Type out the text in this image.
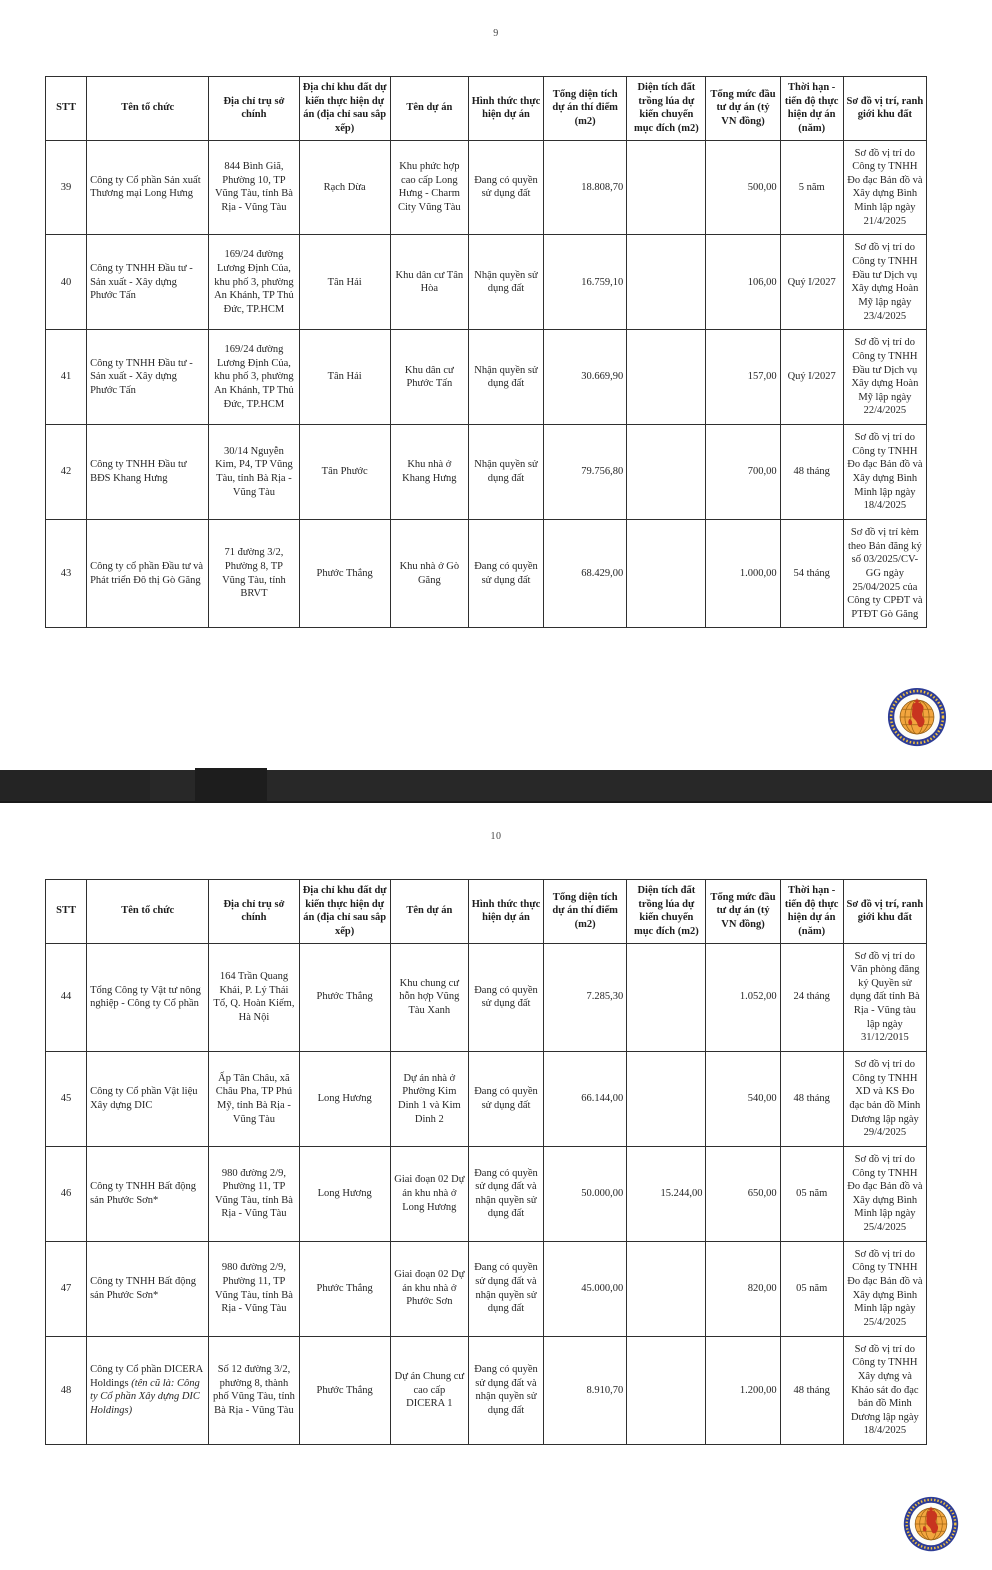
9
STT	Tên tổ chức	Địa chỉ trụ sở chính	Địa chỉ khu đất dự kiến thực hiện dự án (địa chỉ sau sắp xếp)	Tên dự án	Hình thức thực hiện dự án	Tổng diện tích dự án thí điểm (m2)	Diện tích đất trồng lúa dự kiến chuyển mục đích (m2)	Tổng mức đầu tư dự án (tỷ VN đồng)	Thời hạn - tiến độ thực hiện dự án (năm)	Sơ đồ vị trí, ranh giới khu đất
39	Công ty Cổ phần Sản xuất Thương mại Long Hưng	844 Bình Giã, Phường 10, TP Vũng Tàu, tỉnh Bà Rịa - Vũng Tàu	Rạch Dừa	Khu phức hợp cao cấp Long Hưng - Charm City Vũng Tàu	Đang có quyền sử dụng đất	18.808,70		500,00	5 năm	Sơ đồ vị trí do Công ty TNHH Đo đạc Bản đồ và Xây dựng Bình Minh lập ngày 21/4/2025
40	Công ty TNHH Đầu tư - Sản xuất - Xây dựng Phước Tấn	169/24 đường Lương Định Của, khu phố 3, phường An Khánh, TP Thủ Đức, TP.HCM	Tân Hải	Khu dân cư Tân Hòa	Nhận quyền sử dụng đất	16.759,10		106,00	Quý I/2027	Sơ đồ vị trí do Công ty TNHH Đầu tư Dịch vụ Xây dựng Hoàn Mỹ lập ngày 23/4/2025
41	Công ty TNHH Đầu tư - Sản xuất - Xây dựng Phước Tấn	169/24 đường Lương Định Của, khu phố 3, phường An Khánh, TP Thủ Đức, TP.HCM	Tân Hải	Khu dân cư Phước Tấn	Nhận quyền sử dụng đất	30.669,90		157,00	Quý I/2027	Sơ đồ vị trí do Công ty TNHH Đầu tư Dịch vụ Xây dựng Hoàn Mỹ lập ngày 22/4/2025
42	Công ty TNHH Đầu tư BĐS Khang Hưng	30/14 Nguyễn Kim, P4, TP Vũng Tàu, tỉnh Bà Rịa - Vũng Tàu	Tân Phước	Khu nhà ở Khang Hưng	Nhận quyền sử dụng đất	79.756,80		700,00	48 tháng	Sơ đồ vị trí do Công ty TNHH Đo đạc Bản đồ và Xây dựng Bình Minh lập ngày 18/4/2025
43	Công ty cổ phần Đầu tư và Phát triển Đô thị Gò Găng	71 đường 3/2, Phường 8, TP Vũng Tàu, tỉnh BRVT	Phước Thắng	Khu nhà ở Gò Găng	Đang có quyền sử dụng đất	68.429,00		1.000,00	54 tháng	Sơ đồ vị trí kèm theo Bản đăng ký số 03/2025/CV-GG ngày 25/04/2025 của Công ty CPĐT và PTĐT Gò Găng
10
STT	Tên tổ chức	Địa chỉ trụ sở chính	Địa chỉ khu đất dự kiến thực hiện dự án (địa chỉ sau sắp xếp)	Tên dự án	Hình thức thực hiện dự án	Tổng diện tích dự án thí điểm (m2)	Diện tích đất trồng lúa dự kiến chuyển mục đích (m2)	Tổng mức đầu tư dự án (tỷ VN đồng)	Thời hạn - tiến độ thực hiện dự án (năm)	Sơ đồ vị trí, ranh giới khu đất
44	Tổng Công ty Vật tư nông nghiệp - Công ty Cổ phần	164 Trần Quang Khải, P. Lý Thái Tổ, Q. Hoàn Kiếm, Hà Nội	Phước Thắng	Khu chung cư hỗn hợp Vũng Tàu Xanh	Đang có quyền sử dụng đất	7.285,30		1.052,00	24 tháng	Sơ đồ vị trí do Văn phòng đăng ký Quyền sử dụng đất tỉnh Bà Rịa - Vũng tàu lập ngày 31/12/2015
45	Công ty Cổ phần Vật liệu Xây dựng DIC	Ấp Tân Châu, xã Châu Pha, TP Phú Mỹ, tỉnh Bà Rịa - Vũng Tàu	Long Hương	Dự án nhà ở Phường Kim Dinh 1 và Kim Dinh 2	Đang có quyền sử dụng đất	66.144,00		540,00	48 tháng	Sơ đồ vị trí do Công ty TNHH XD và KS Đo đạc bản đồ Minh Dương lập ngày 29/4/2025
46	Công ty TNHH Bất động sản Phước Sơn*	980 đường 2/9, Phường 11, TP Vũng Tàu, tỉnh Bà Rịa - Vũng Tàu	Long Hương	Giai đoạn 02 Dự án khu nhà ở Long Hương	Đang có quyền sử dụng đất và nhận quyền sử dụng đất	50.000,00	15.244,00	650,00	05 năm	Sơ đồ vị trí do Công ty TNHH Đo đạc Bản đồ và Xây dựng Bình Minh lập ngày 25/4/2025
47	Công ty TNHH Bất động sản Phước Sơn*	980 đường 2/9, Phường 11, TP Vũng Tàu, tỉnh Bà Rịa - Vũng Tàu	Phước Thắng	Giai đoạn 02 Dự án khu nhà ở Phước Sơn	Đang có quyền sử dụng đất và nhận quyền sử dụng đất	45.000,00		820,00	05 năm	Sơ đồ vị trí do Công ty TNHH Đo đạc Bản đồ và Xây dựng Bình Minh lập ngày 25/4/2025
48	Công ty Cổ phần DICERA Holdings (tên cũ là: Công ty Cổ phần Xây dựng DIC Holdings)	Số 12 đường 3/2, phường 8, thành phố Vũng Tàu, tỉnh Bà Rịa - Vũng Tàu	Phước Thắng	Dự án Chung cư cao cấp DICERA 1	Đang có quyền sử dụng đất và nhận quyền sử dụng đất	8.910,70		1.200,00	48 tháng	Sơ đồ vị trí do Công ty TNHH Xây dựng và Khảo sát đo đạc bản đồ Minh Dương lập ngày 18/4/2025
